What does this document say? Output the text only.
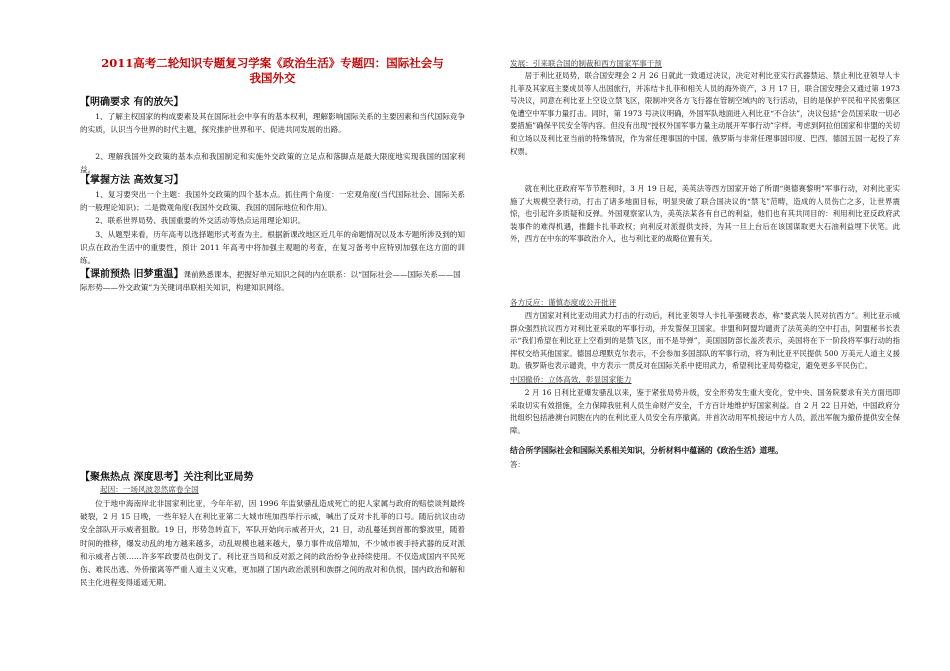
2011高考二轮知识专题复习学案《政治生活》专题四：国际社会与
我国外交
【明确要求 有的放矢】

1、了解主权国家的构成要素及其在国际社会中享有的基本权利，理解影响国际关系的主要因素和当代国际竞争的实质，认识当今世界的时代主题，探究推护世界和平、促进共同发展的出路。

2、理解我国外交政策的基本点和我国制定和实施外交政策的立足点和落脚点是最大限度地实现我国的国家利益。

【掌握方法 高效复习】

1、复习要突出一个主题：我国外交政策的四个基本点。抓住两个角度：一宏观角度(当代国际社会、国际关系的一般理论知识)；二是微观角度(我国外交政策、我国的国际地位和作用)。

2、联系世界局势、我国重要的外交活动等热点运用理论知识。

3、从题型来看，历年高考以选择题形式考查为主。根据新课改地区近几年的命题情况以及本专题所涉及到的知识点在政治生活中的重要性，预计 2011 年高考中将加强主观题的考查，在复习备考中应特别加强在这方面的训练。

【课前预热 旧梦重温】课前熟悉课本，把握好单元知识之间的内在联系：以“国际社会——国际关系——国际形势——外交政策”为关键词串联相关知识，构建知识网络。
【聚焦热点 深度思考】关注利比亚局势
起因：一场风波忽然席卷全国

位于地中海南岸北非国家利比亚，今年年初，因 1996 年监狱骚乱造成死亡的犯人家属与政府的赔偿谈判最终破裂，2 月 15 日晚，一些年轻人在利比亚第二大城市班加西举行示威，喊出了反对卡扎菲的口号。随后抗议由动安全部队开示威者狙散。19 日，形势急转直下，军队开始向示威者开火，21 日，动乱蔓延到首都的黎波里，随着时间的推移，爆发动乱的地方越来越多，动乱规模也越来越大，暴力事件成倍增加，不少城市被手持武器的反对派和示威者占领……许多军政要员也倒戈了。利比亚当局和反对派之间的政治纷争业持续使用。不仅造成国内平民死伤、难民出逃、外侨撤离等严重人道主义灾难，更加剧了国内政治派别和族群之间的敌对和仇恨，国内政治和解和民主化进程变得遥遥无期。

发展：引来联合国的制裁和西方国家军事干预

居于利比亚局势，联合国安理会 2 月 26 日就此一致通过决议，决定对利比亚实行武器禁运、禁止利比亚领导人卡扎菲及其家庭主要成员等人出国旅行，并冻结卡扎菲和相关人员的海外资产，3 月 17 日，联合国安理会又通过第 1973 号决议，同意在利比亚上空设立禁飞区，限制冲突各方飞行器在管制空域内的飞行活动，目的是保护平民和平民密集区免遭空中军事力量打击。同时，第 1973 号决议明确，外国军队地面进入利比亚“不合法”，决议包括“会员国采取一切必要措施”确保平民安全等内容。但没有出现“授权外国军事力量主动展开军事行动”字样。考虑到阿拉伯国家和非盟的关切和立场以及利比亚当前的特殊情况，作为常任理事国的中国、俄罗斯与非常任理事国印度、巴西、德国五国一起投了弃权票。

就在利比亚政府军节节胜利时，3 月 19 日起，美英法等西方国家开始了所谓“奥德赛黎明”军事行动，对利比亚实施了大规模空袭行动，打击了诸多地面目标，明显突破了联合国决议的“禁飞”范畴，造成的人员伤亡之多，让世界震惊，也引起许多质疑和反弹。外国观察家认为，美英法某各有自己的利益，他们也有其共同目的：利用利比亚反政府武装事件的难得机遇，推翻卡扎菲政权；向利反对派提供支持，为其一旦上台后在该国谋取更大石油利益埋下伏笔。此外，西方在中东的军事政治介入，也与利比亚的战略位置有关。

各方反应：谨慎态度或公开批评

西方国家对利比亚动用武力打击的行动后，利比亚领导人卡扎菲强硬表态，称“要武装人民对抗西方”。利比亚示威群众强烈抗议西方对利比亚采取的军事行动，并发誓保卫国家。非盟和阿盟均谴责了法英美的空中打击，阿盟秘书长表示“我们希望在利比亚上空看到的是禁飞区，而不是导弹”，美国国防部长盖茨表示，美国将在下一阶段将军事行动的指挥权交给其他国家。德国总理默克尔表示，不会参加多国部队的军事行动，将为利比亚平民提供 500 万美元人道主义援助。俄罗斯也表示谴责，中方表示一贯反对在国际关系中使用武力，希望利比亚局势稳定，避免更多平民伤亡。

中国撤侨：立体高效，彰显国家能力

2 月 16 日利比亚爆发骚乱以来，鉴于紧张局势升级，安全形势发生重大变化，党中央、国务院要求有关方面迅即采取切实有效措施，全力保障我驻利人员生命财产安全，千方百计地维护好国家利益。自 2 月 22 日开始，中国政府分批组织包括港澳台同胞在内的在利比亚人员安全有序撤离。并首次动用军机接运中方人员，派出军舰为撤侨提供安全保障。

结合所学国际社会和国际关系相关知识，分析材料中蕴涵的《政治生活》道理。
答：
